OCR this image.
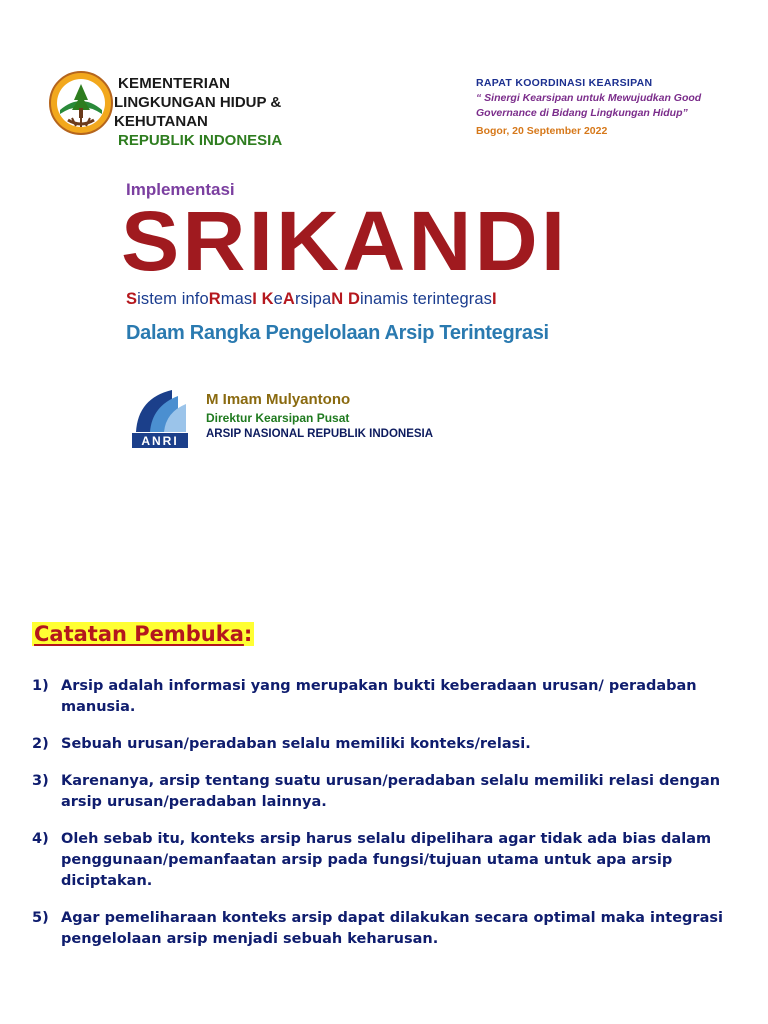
KEMENTERIAN
LINGKUNGAN HIDUP & KEHUTANAN
REPUBLIK INDONESIA
RAPAT KOORDINASI KEARSIPAN
“ Sinergi Kearsipan untuk Mewujudkan Good Governance di Bidang Lingkungan Hidup”
Bogor, 20 September 2022
Implementasi
SRIKANDI
Sistem infoRmasI KeArsipaN Dinamis terintegrasI
Dalam Rangka Pengelolaan Arsip Terintegrasi
ANRI
M Imam Mulyantono
Direktur Kearsipan Pusat
ARSIP NASIONAL REPUBLIK INDONESIA
Catatan Pembuka:
1) Arsip adalah informasi yang merupakan bukti keberadaan urusan/ peradaban manusia.
2) Sebuah urusan/peradaban selalu memiliki konteks/relasi.
3) Karenanya, arsip tentang suatu urusan/peradaban selalu memiliki relasi dengan arsip urusan/peradaban lainnya.
4) Oleh sebab itu, konteks arsip harus selalu dipelihara agar tidak ada bias dalam penggunaan/pemanfaatan arsip pada fungsi/tujuan utama untuk apa arsip diciptakan.
5) Agar pemeliharaan konteks arsip dapat dilakukan secara optimal maka integrasi pengelolaan arsip menjadi sebuah keharusan.
